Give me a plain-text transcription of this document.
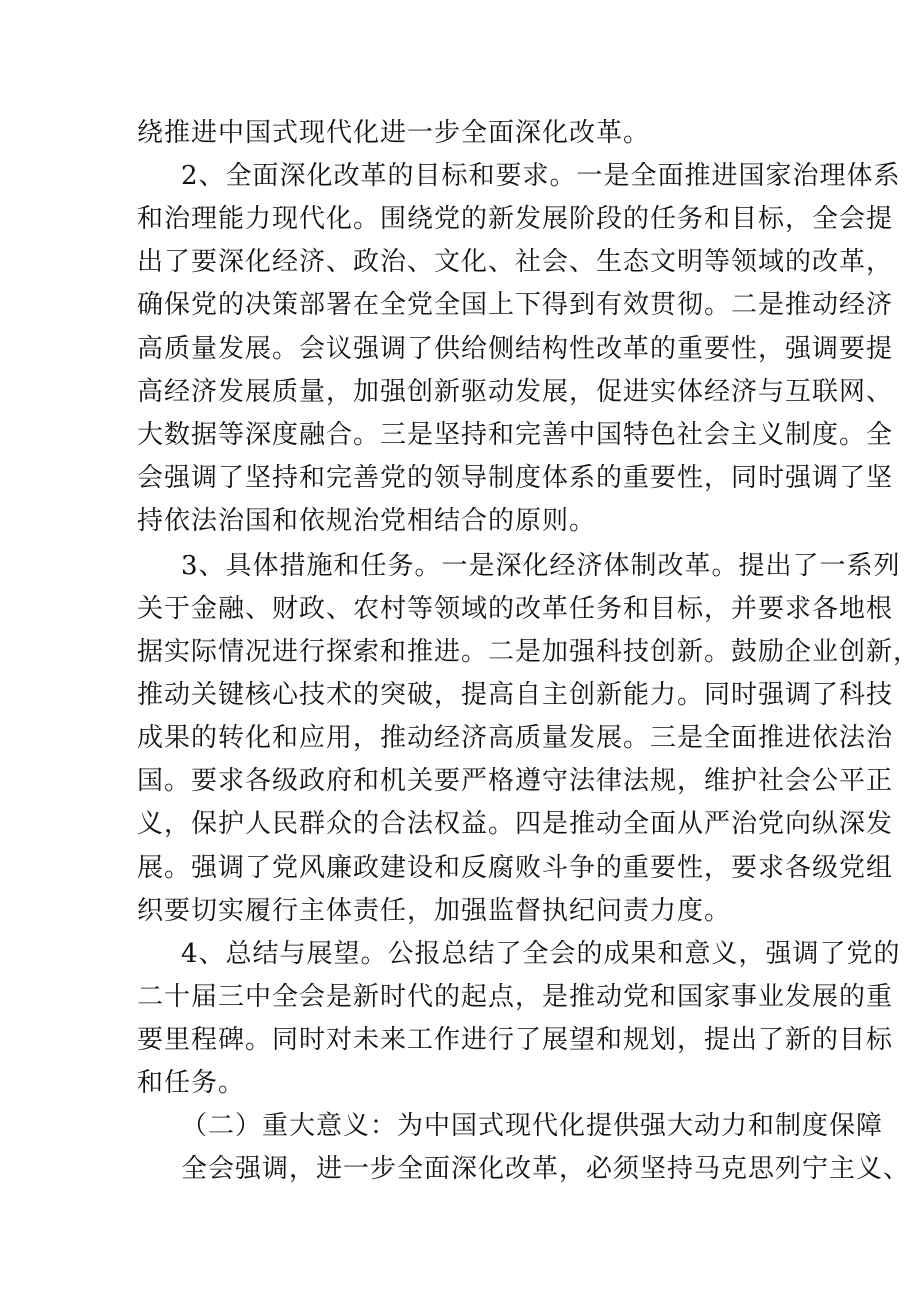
绕推进中国式现代化进一步全面深化改革。
2、全面深化改革的目标和要求。一是全面推进国家治理体系
和治理能力现代化。围绕党的新发展阶段的任务和目标，全会提
出了要深化经济、政治、文化、社会、生态文明等领域的改革，
确保党的决策部署在全党全国上下得到有效贯彻。二是推动经济
高质量发展。会议强调了供给侧结构性改革的重要性，强调要提
高经济发展质量，加强创新驱动发展，促进实体经济与互联网、
大数据等深度融合。三是坚持和完善中国特色社会主义制度。全
会强调了坚持和完善党的领导制度体系的重要性，同时强调了坚
持依法治国和依规治党相结合的原则。
3、具体措施和任务。一是深化经济体制改革。提出了一系列
关于金融、财政、农村等领域的改革任务和目标，并要求各地根
据实际情况进行探索和推进。二是加强科技创新。鼓励企业创新，
推动关键核心技术的突破，提高自主创新能力。同时强调了科技
成果的转化和应用，推动经济高质量发展。三是全面推进依法治
国。要求各级政府和机关要严格遵守法律法规，维护社会公平正
义，保护人民群众的合法权益。四是推动全面从严治党向纵深发
展。强调了党风廉政建设和反腐败斗争的重要性，要求各级党组
织要切实履行主体责任，加强监督执纪问责力度。
4、总结与展望。公报总结了全会的成果和意义，强调了党的
二十届三中全会是新时代的起点，是推动党和国家事业发展的重
要里程碑。同时对未来工作进行了展望和规划，提出了新的目标
和任务。
（二）重大意义：为中国式现代化提供强大动力和制度保障
全会强调，进一步全面深化改革，必须坚持马克思列宁主义、
